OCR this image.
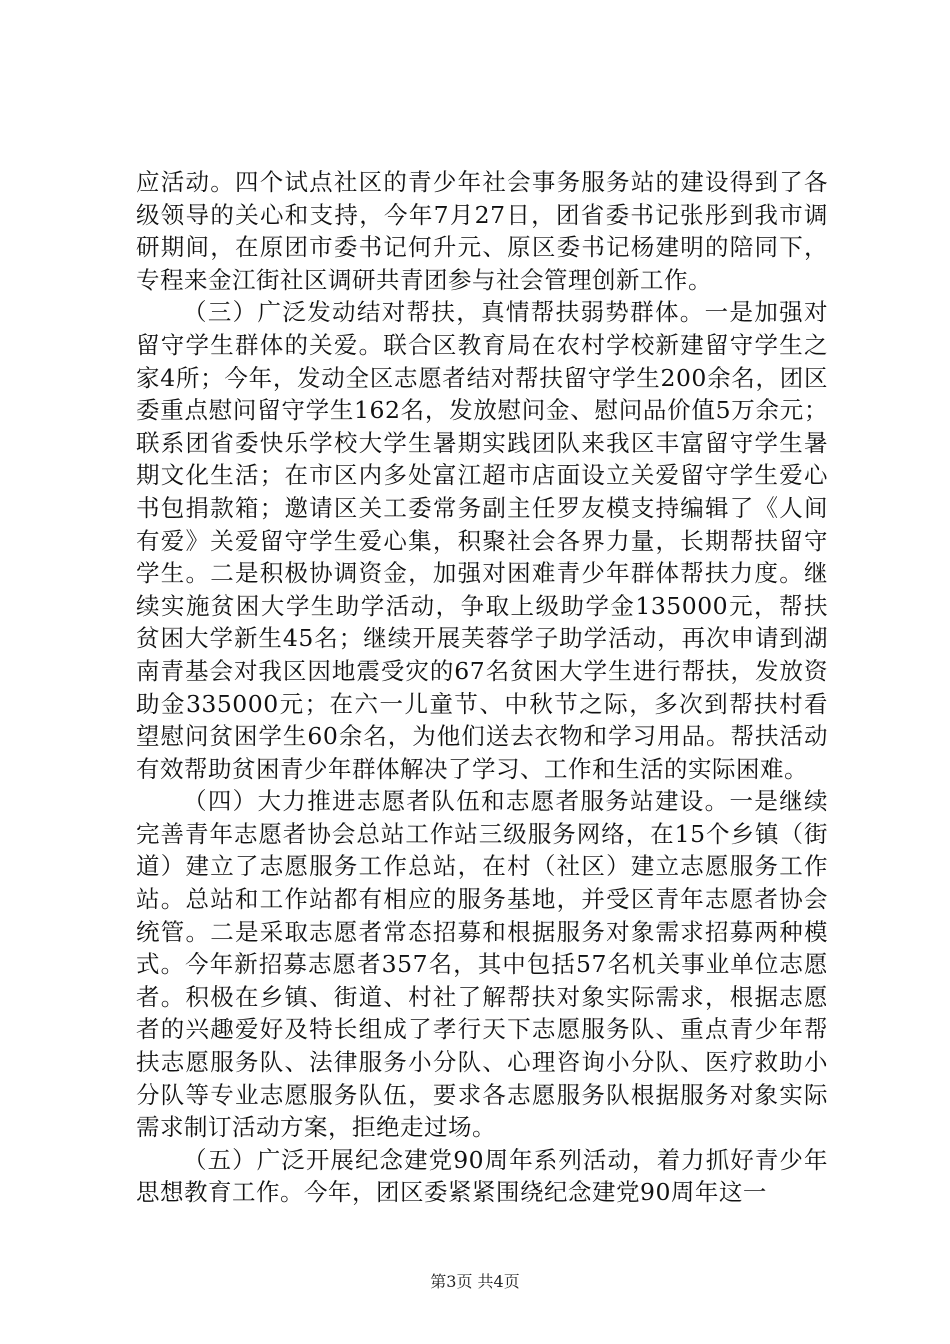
应活动。四个试点社区的青少年社会事务服务站的建设得到了各级领导的关心和支持，今年7月27日，团省委书记张彤到我市调研期间，在原团市委书记何升元、原区委书记杨建明的陪同下，专程来金江街社区调研共青团参与社会管理创新工作。

（三）广泛发动结对帮扶，真情帮扶弱势群体。一是加强对留守学生群体的关爱。联合区教育局在农村学校新建留守学生之家4所；今年，发动全区志愿者结对帮扶留守学生200余名，团区委重点慰问留守学生162名，发放慰问金、慰问品价值5万余元；联系团省委快乐学校大学生暑期实践团队来我区丰富留守学生暑期文化生活；在市区内多处富江超市店面设立关爱留守学生爱心书包捐款箱；邀请区关工委常务副主任罗友模支持编辑了《人间有爱》关爱留守学生爱心集，积聚社会各界力量，长期帮扶留守学生。二是积极协调资金，加强对困难青少年群体帮扶力度。继续实施贫困大学生助学活动，争取上级助学金135000元，帮扶贫困大学新生45名；继续开展芙蓉学子助学活动，再次申请到湖南青基会对我区因地震受灾的67名贫困大学生进行帮扶，发放资助金335000元；在六一儿童节、中秋节之际，多次到帮扶村看望慰问贫困学生60余名，为他们送去衣物和学习用品。帮扶活动有效帮助贫困青少年群体解决了学习、工作和生活的实际困难。

（四）大力推进志愿者队伍和志愿者服务站建设。一是继续完善青年志愿者协会总站工作站三级服务网络，在15个乡镇（街道）建立了志愿服务工作总站，在村（社区）建立志愿服务工作站。总站和工作站都有相应的服务基地，并受区青年志愿者协会统管。二是采取志愿者常态招募和根据服务对象需求招募两种模式。今年新招募志愿者357名，其中包括57名机关事业单位志愿者。积极在乡镇、街道、村社了解帮扶对象实际需求，根据志愿者的兴趣爱好及特长组成了孝行天下志愿服务队、重点青少年帮扶志愿服务队、法律服务小分队、心理咨询小分队、医疗救助小分队等专业志愿服务队伍，要求各志愿服务队根据服务对象实际需求制订活动方案，拒绝走过场。

（五）广泛开展纪念建党90周年系列活动，着力抓好青少年思想教育工作。今年，团区委紧紧围绕纪念建党90周年这一

第3页 共4页
